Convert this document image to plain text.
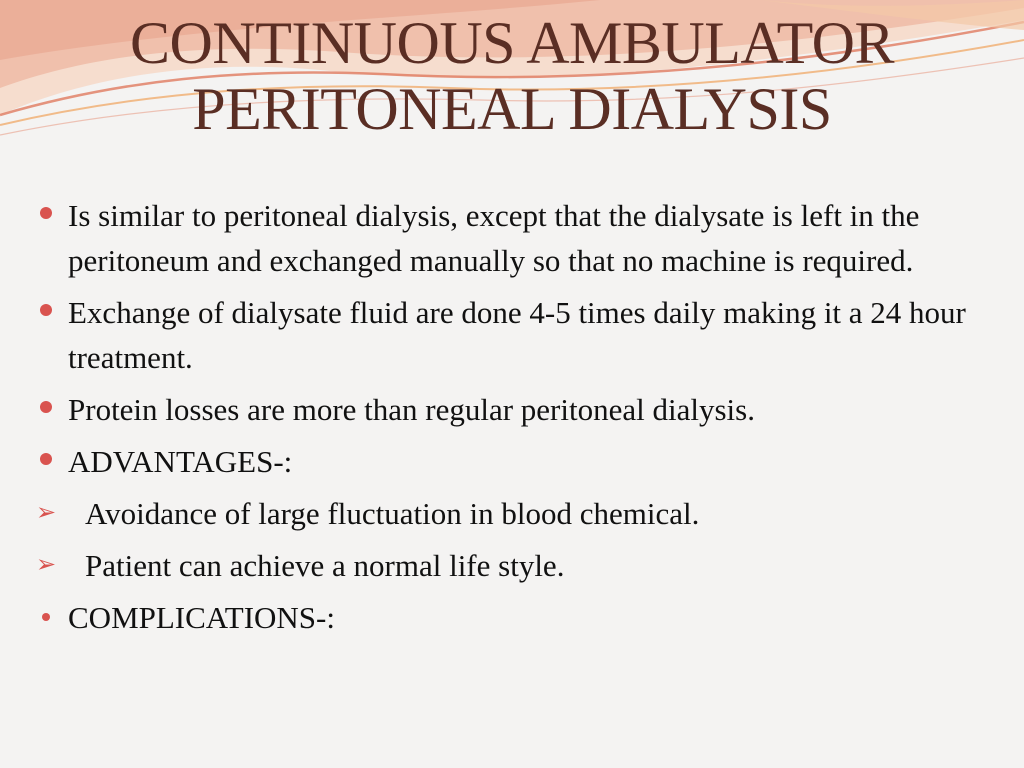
CONTINUOUS AMBULATOR
PERITONEAL DIALYSIS
Is similar to peritoneal dialysis, except that the dialysate is left in the peritoneum and exchanged manually so that no machine is required.
Exchange of dialysate fluid are done 4-5 times daily making it a 24 hour treatment.
Protein losses are more than regular peritoneal dialysis.
ADVANTAGES-:
➢ Avoidance of large fluctuation in blood chemical.
➢ Patient can achieve a normal life style.
COMPLICATIONS-:
